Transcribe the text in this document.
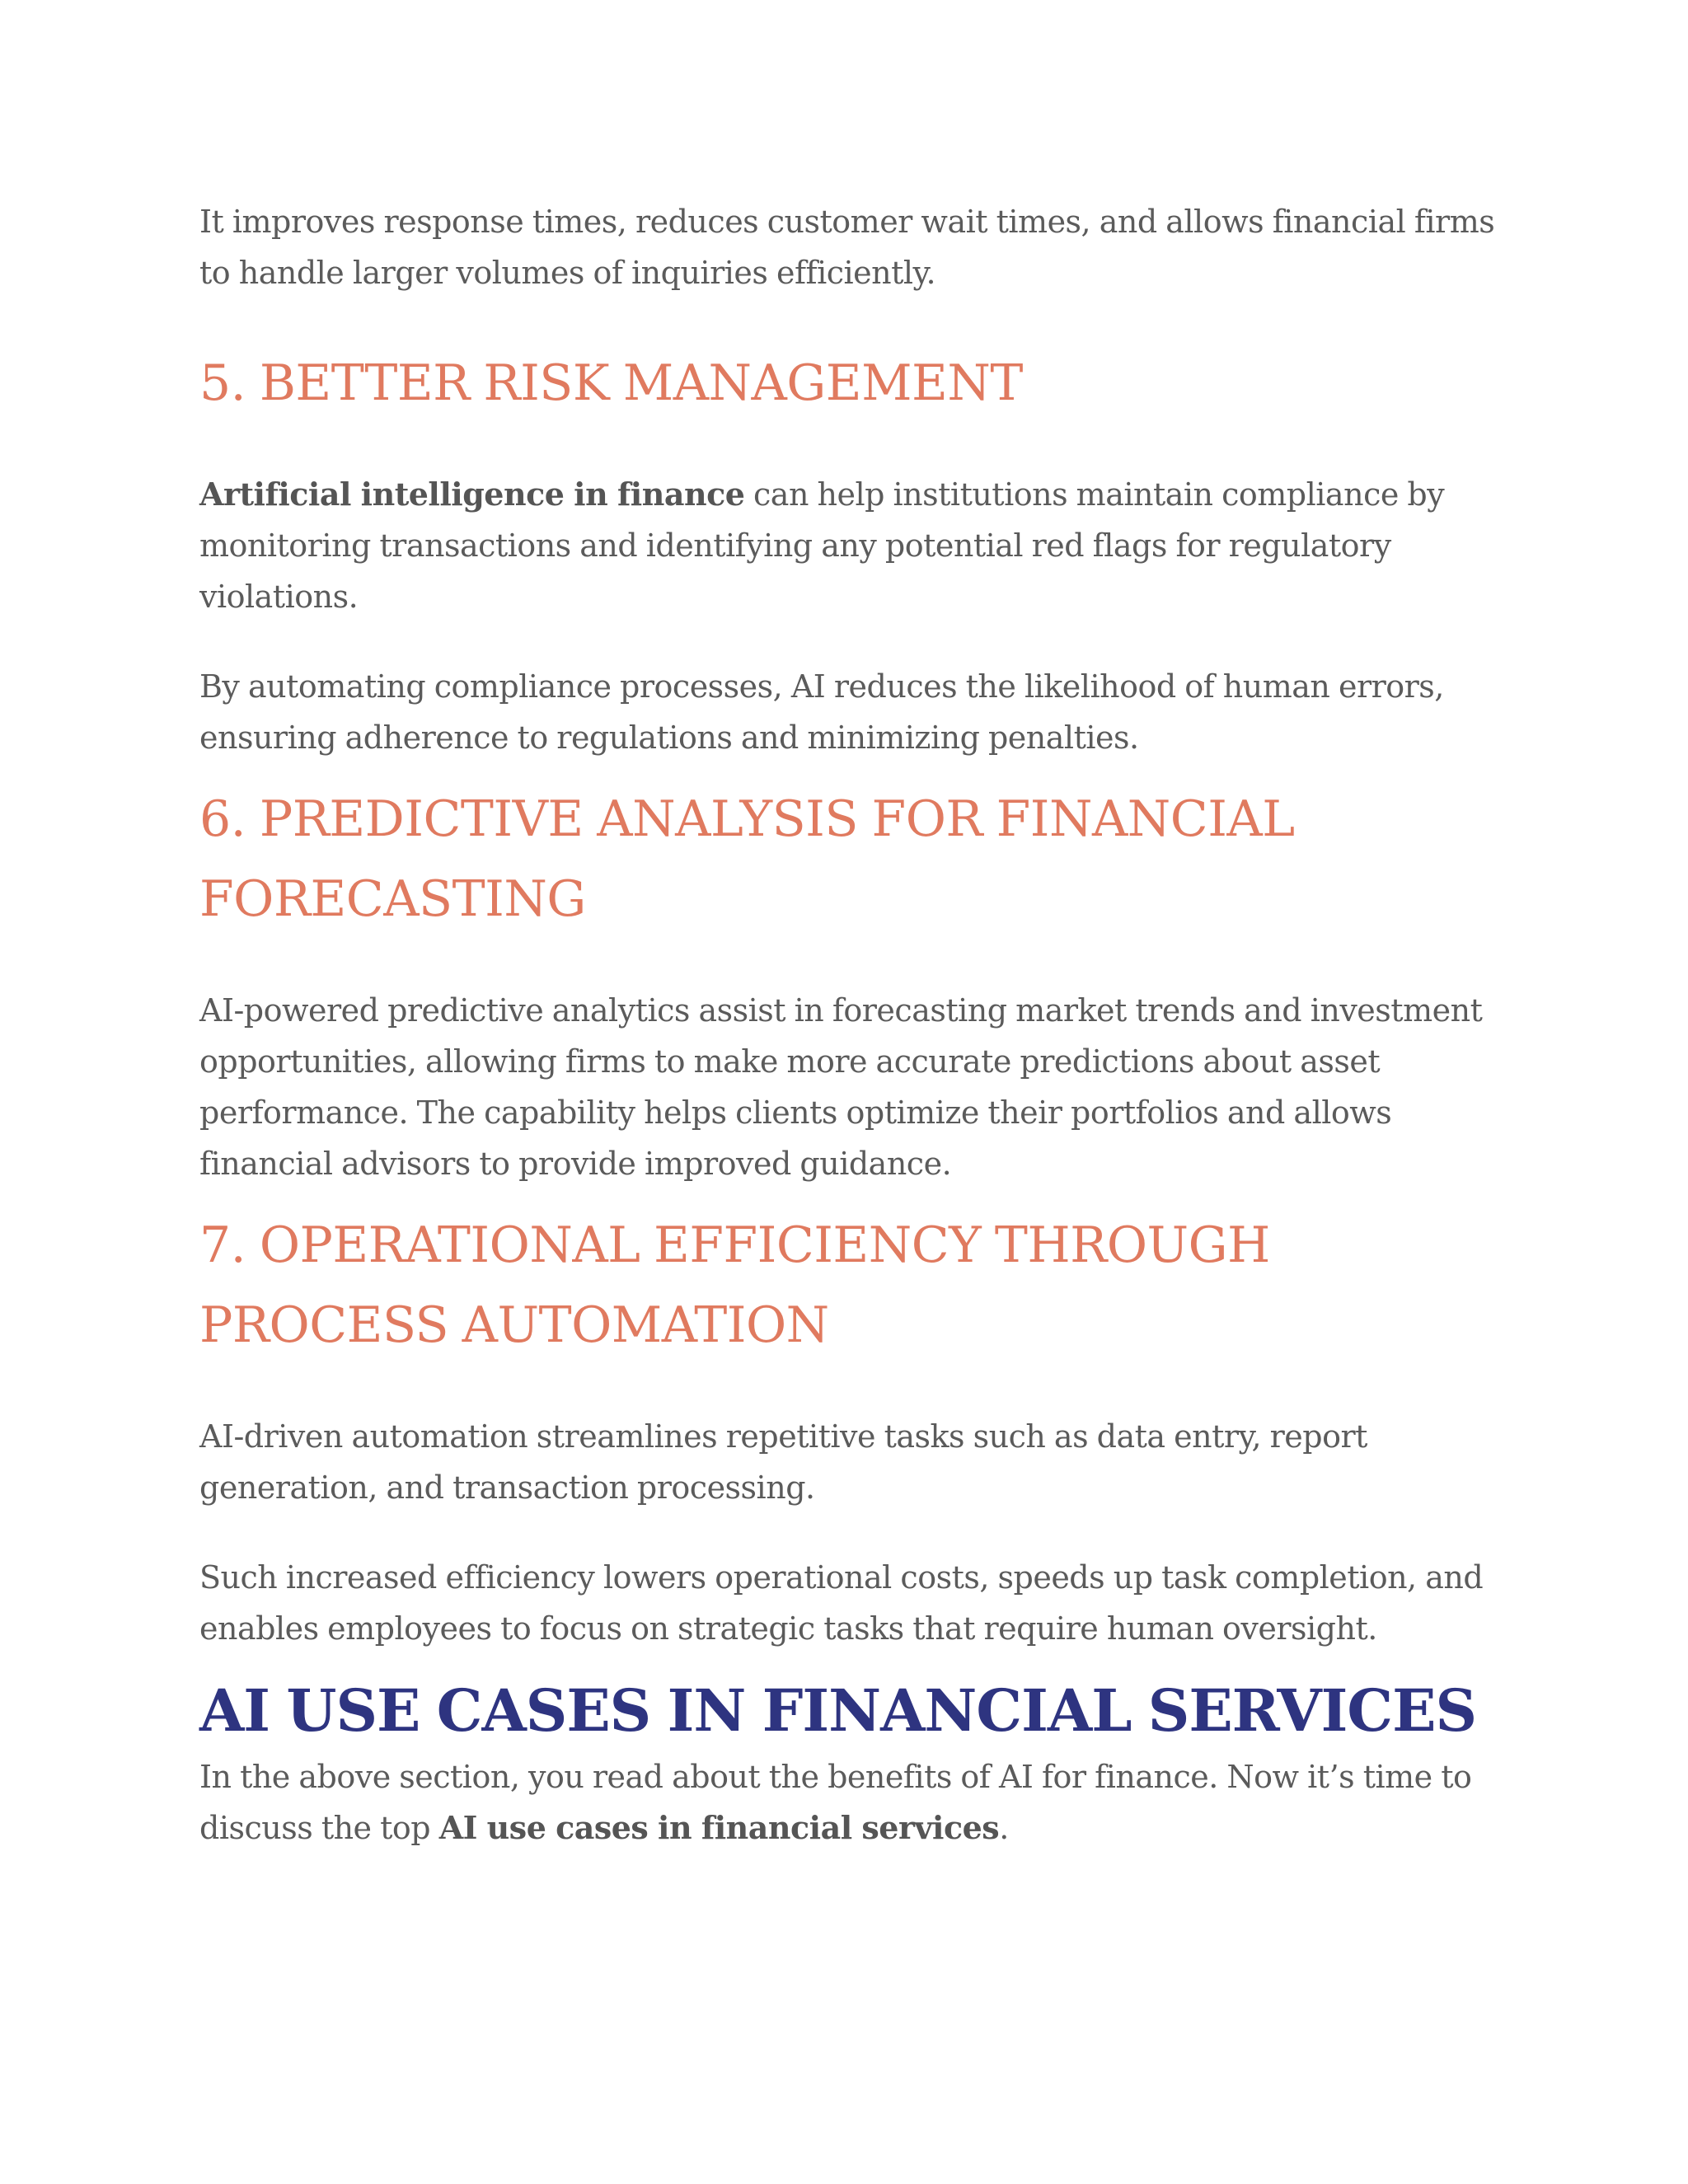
It improves response times, reduces customer wait times, and allows financial firms to handle larger volumes of inquiries efficiently.

5. BETTER RISK MANAGEMENT

Artificial intelligence in finance can help institutions maintain compliance by monitoring transactions and identifying any potential red flags for regulatory violations.

By automating compliance processes, AI reduces the likelihood of human errors, ensuring adherence to regulations and minimizing penalties.

6. PREDICTIVE ANALYSIS FOR FINANCIAL FORECASTING

AI-powered predictive analytics assist in forecasting market trends and investment opportunities, allowing firms to make more accurate predictions about asset performance. The capability helps clients optimize their portfolios and allows financial advisors to provide improved guidance.

7. OPERATIONAL EFFICIENCY THROUGH PROCESS AUTOMATION

AI-driven automation streamlines repetitive tasks such as data entry, report generation, and transaction processing.

Such increased efficiency lowers operational costs, speeds up task completion, and enables employees to focus on strategic tasks that require human oversight.

AI USE CASES IN FINANCIAL SERVICES

In the above section, you read about the benefits of AI for finance. Now it’s time to discuss the top AI use cases in financial services.
